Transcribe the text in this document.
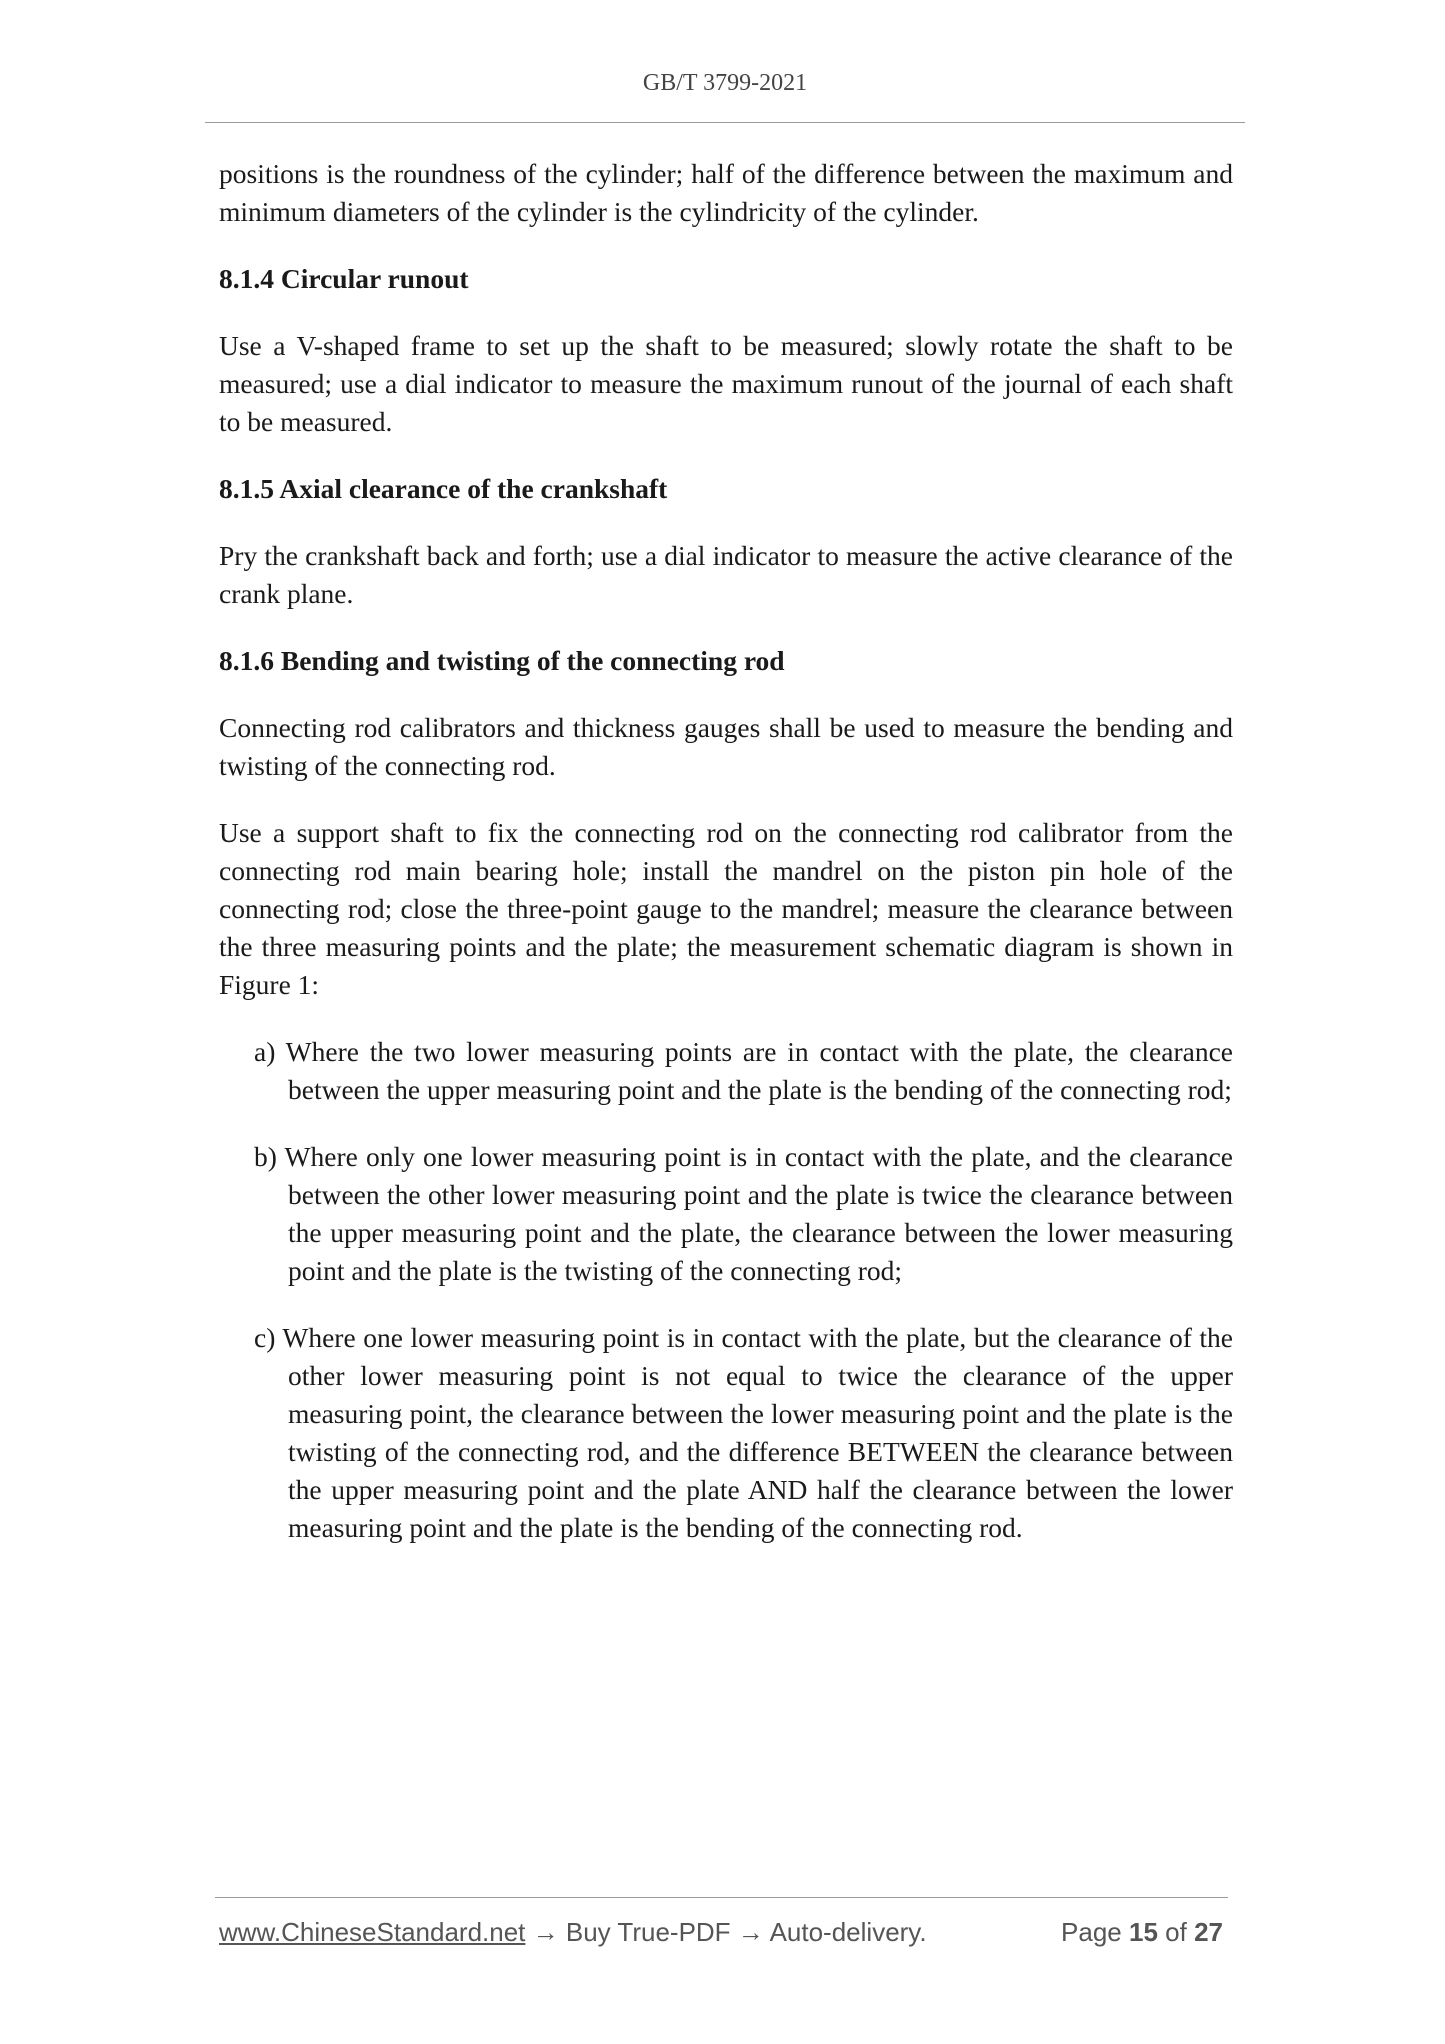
GB/T 3799-2021

positions is the roundness of the cylinder; half of the difference between the maximum and minimum diameters of the cylinder is the cylindricity of the cylinder.

8.1.4 Circular runout

Use a V-shaped frame to set up the shaft to be measured; slowly rotate the shaft to be measured; use a dial indicator to measure the maximum runout of the journal of each shaft to be measured.

8.1.5 Axial clearance of the crankshaft

Pry the crankshaft back and forth; use a dial indicator to measure the active clearance of the crank plane.

8.1.6 Bending and twisting of the connecting rod

Connecting rod calibrators and thickness gauges shall be used to measure the bending and twisting of the connecting rod.

Use a support shaft to fix the connecting rod on the connecting rod calibrator from the connecting rod main bearing hole; install the mandrel on the piston pin hole of the connecting rod; close the three-point gauge to the mandrel; measure the clearance between the three measuring points and the plate; the measurement schematic diagram is shown in Figure 1:

a) Where the two lower measuring points are in contact with the plate, the clearance between the upper measuring point and the plate is the bending of the connecting rod;
b) Where only one lower measuring point is in contact with the plate, and the clearance between the other lower measuring point and the plate is twice the clearance between the upper measuring point and the plate, the clearance between the lower measuring point and the plate is the twisting of the connecting rod;
c) Where one lower measuring point is in contact with the plate, but the clearance of the other lower measuring point is not equal to twice the clearance of the upper measuring point, the clearance between the lower measuring point and the plate is the twisting of the connecting rod, and the difference BETWEEN the clearance between the upper measuring point and the plate AND half the clearance between the lower measuring point and the plate is the bending of the connecting rod.
www.ChineseStandard.net → Buy True-PDF → Auto-delivery.	Page 15 of 27
